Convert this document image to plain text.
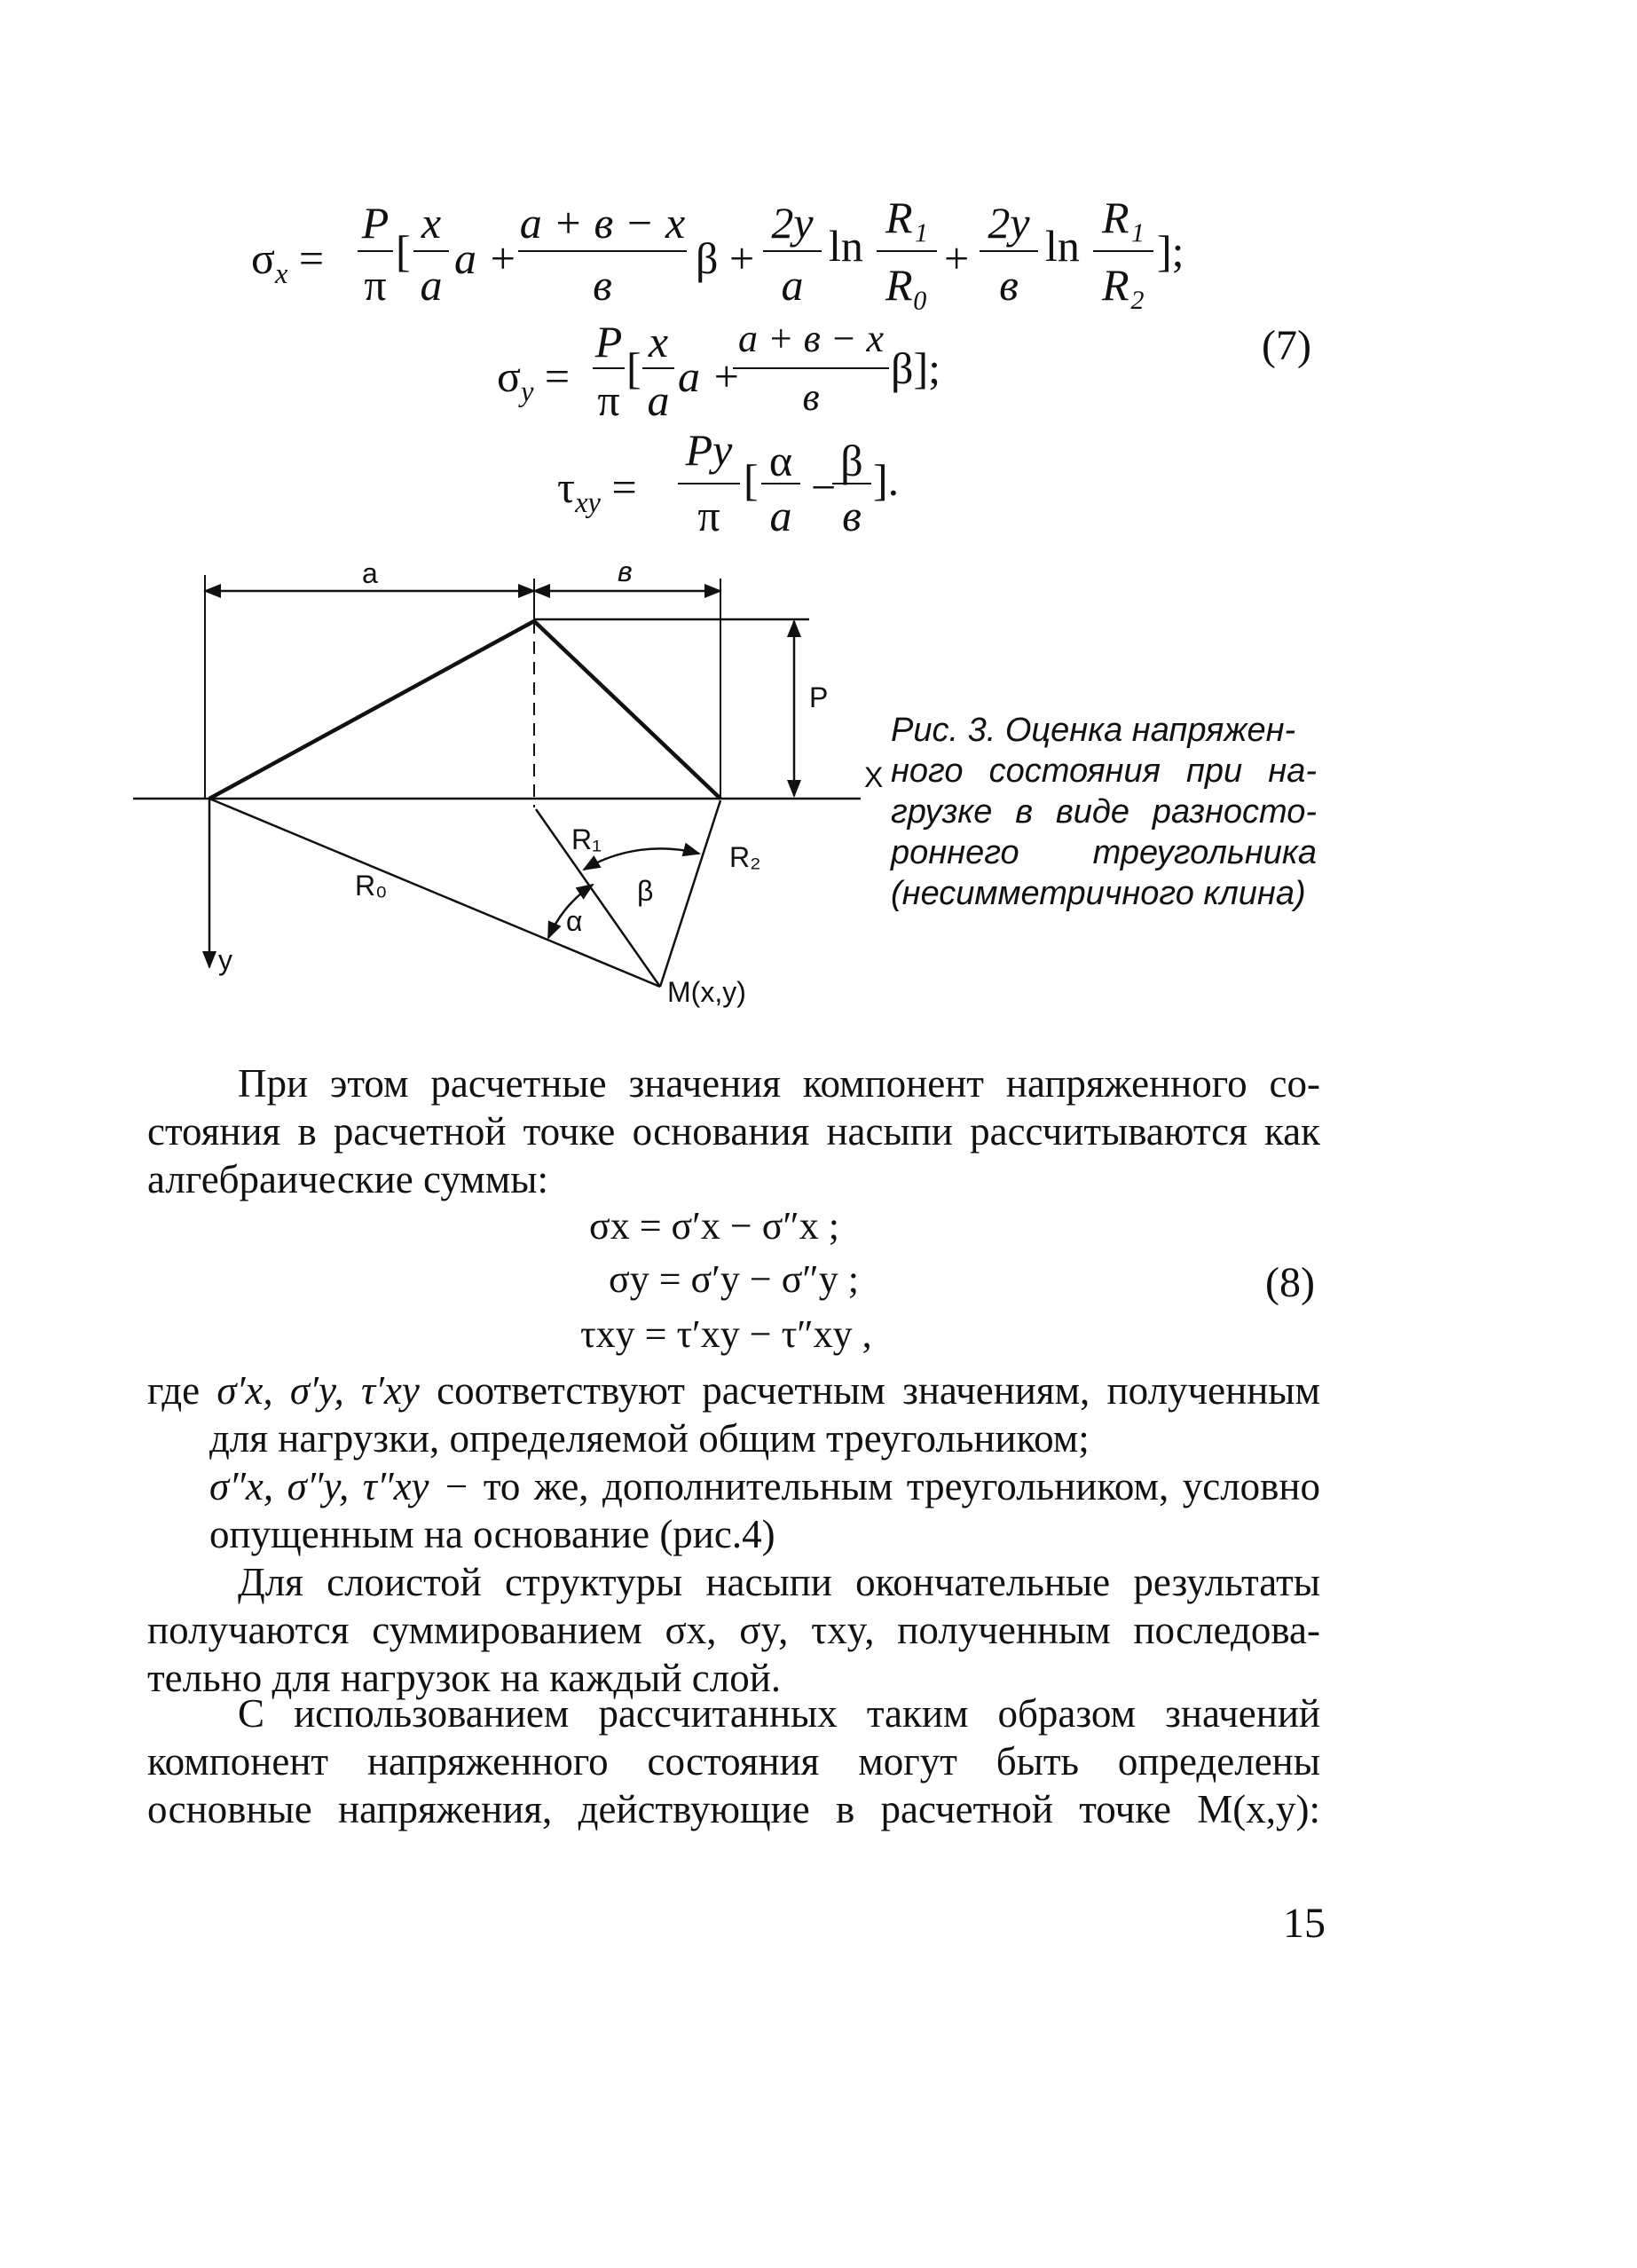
$\sigma_x$ =
P
π
[
x
a
a +
a + в − x
в
β +
2y
a
ln
R₁
R₀
+
2y
в
ln
R₁
R₂
];
$\sigma_y$ =
P
π
[
x
a a +
a + в − x
в
β];
$\tau_{xy}$ =
Py
π
[ α
a
−
β
в
].
(7)
a	в
P
X
y
R₀
R₁
R₂
α
β
M(x,y)
Рис. 3. Оценка напряжен-
ного состояния при на-
грузке в виде разносто-
роннего треугольника
(несимметричного клина)
При этом расчетные значения компонент напряженного со-
стояния в расчетной точке основания насыпи рассчитываются как
алгебраические суммы:
σx = σ′x − σ″x ;
σy = σ′y − σ″y ;
τxy = τ′xy − τ″xy ,
(8)
где σ′x, σ′y, τ′xy соответствуют расчетным значениям, полученным
для нагрузки, определяемой общим треугольником;
σ″x, σ″y, τ″xy − то же, дополнительным треугольником, условно
опущенным на основание (рис.4)
Для слоистой структуры насыпи окончательные результаты
получаются суммированием σx, σy, τxy, полученным последова-
тельно для нагрузок на каждый слой.
С использованием рассчитанных таким образом значений
компонент напряженного состояния могут быть определены
основные напряжения, действующие в расчетной точке M(x,y):
15
